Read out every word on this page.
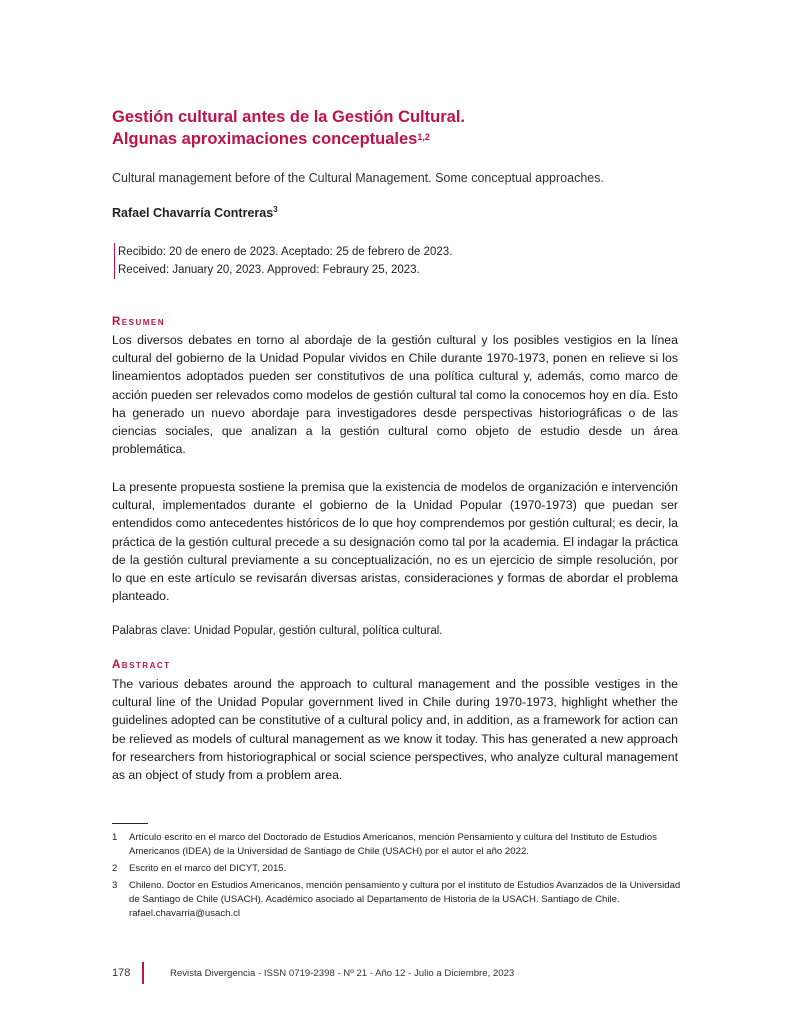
Gestión cultural antes de la Gestión Cultural.
Algunas aproximaciones conceptuales$^{1,2}$
Cultural management before of the Cultural Management. Some conceptual approaches.
Rafael Chavarría Contreras$^3$
Recibido: 20 de enero de 2023. Aceptado: 25 de febrero de 2023.
Received: January 20, 2023. Approved: Febraury 25, 2023.
Resumen
Los diversos debates en torno al abordaje de la gestión cultural y los posibles vestigios en la línea cultural del gobierno de la Unidad Popular vividos en Chile durante 1970-1973, ponen en relieve si los lineamientos adoptados pueden ser constitutivos de una política cultural y, además, como marco de acción pueden ser relevados como modelos de gestión cultural tal como la conocemos hoy en día. Esto ha generado un nuevo abordaje para investigadores desde perspectivas historiográficas o de las ciencias sociales, que analizan a la gestión cultural como objeto de estudio desde un área problemática.
La presente propuesta sostiene la premisa que la existencia de modelos de organización e intervención cultural, implementados durante el gobierno de la Unidad Popular (1970-1973) que puedan ser entendidos como antecedentes históricos de lo que hoy comprendemos por gestión cultural; es decir, la práctica de la gestión cultural precede a su designación como tal por la academia. El indagar la práctica de la gestión cultural previamente a su conceptualización, no es un ejercicio de simple resolución, por lo que en este artículo se revisarán diversas aristas, consideraciones y formas de abordar el problema planteado.
Palabras clave: Unidad Popular, gestión cultural, política cultural.
Abstract
The various debates around the approach to cultural management and the possible vestiges in the cultural line of the Unidad Popular government lived in Chile during 1970-1973, highlight whether the guidelines adopted can be constitutive of a cultural policy and, in addition, as a framework for action can be relieved as models of cultural management as we know it today. This has generated a new approach for researchers from historiographical or social science perspectives, who analyze cultural management as an object of study from a problem area.
1	Artículo escrito en el marco del Doctorado de Estudios Americanos, mención Pensamiento y cultura del Instituto de Estudios Americanos (IDEA) de la Universidad de Santiago de Chile (USACH) por el autor el año 2022.
2	Escrito en el marco del DICYT, 2015.
3	Chileno. Doctor en Estudios Americanos, mención pensamiento y cultura por el instituto de Estudios Avanzados de la Universidad de Santiago de Chile (USACH). Académico asociado al Departamento de Historia de la USACH. Santiago de Chile. rafael.chavarria@usach.cl
178	Revista Divergencia - ISSN 0719-2398 - Nº 21 - Año 12 - Julio a Diciembre, 2023
